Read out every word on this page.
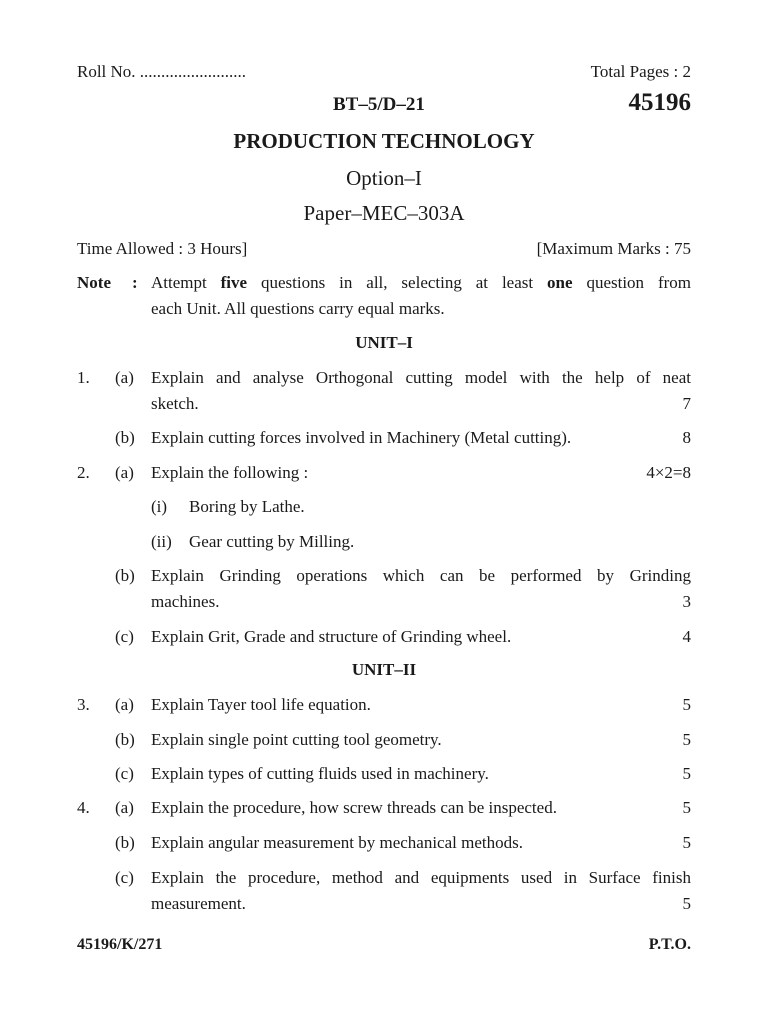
Roll No. .........................	Total Pages : 2
BT–5/D–21	45196
PRODUCTION TECHNOLOGY
Option–I
Paper–MEC–303A
Time Allowed : 3 Hours]	[Maximum Marks : 75
Note : Attempt five questions in all, selecting at least one question from
each Unit. All questions carry equal marks.
UNIT–I
1. (a) Explain and analyse Orthogonal cutting model with the help of neat
sketch.	7
(b) Explain cutting forces involved in Machinery (Metal cutting).	8
2. (a) Explain the following :	4×2=8
(i) Boring by Lathe.
(ii) Gear cutting by Milling.
(b) Explain Grinding operations which can be performed by Grinding
machines.	3
(c) Explain Grit, Grade and structure of Grinding wheel.	4
UNIT–II
3. (a) Explain Tayer tool life equation.	5
(b) Explain single point cutting tool geometry.	5
(c) Explain types of cutting fluids used in machinery.	5
4. (a) Explain the procedure, how screw threads can be inspected.	5
(b) Explain angular measurement by mechanical methods.	5
(c) Explain the procedure, method and equipments used in Surface finish
measurement.	5
45196/K/271	P.T.O.
